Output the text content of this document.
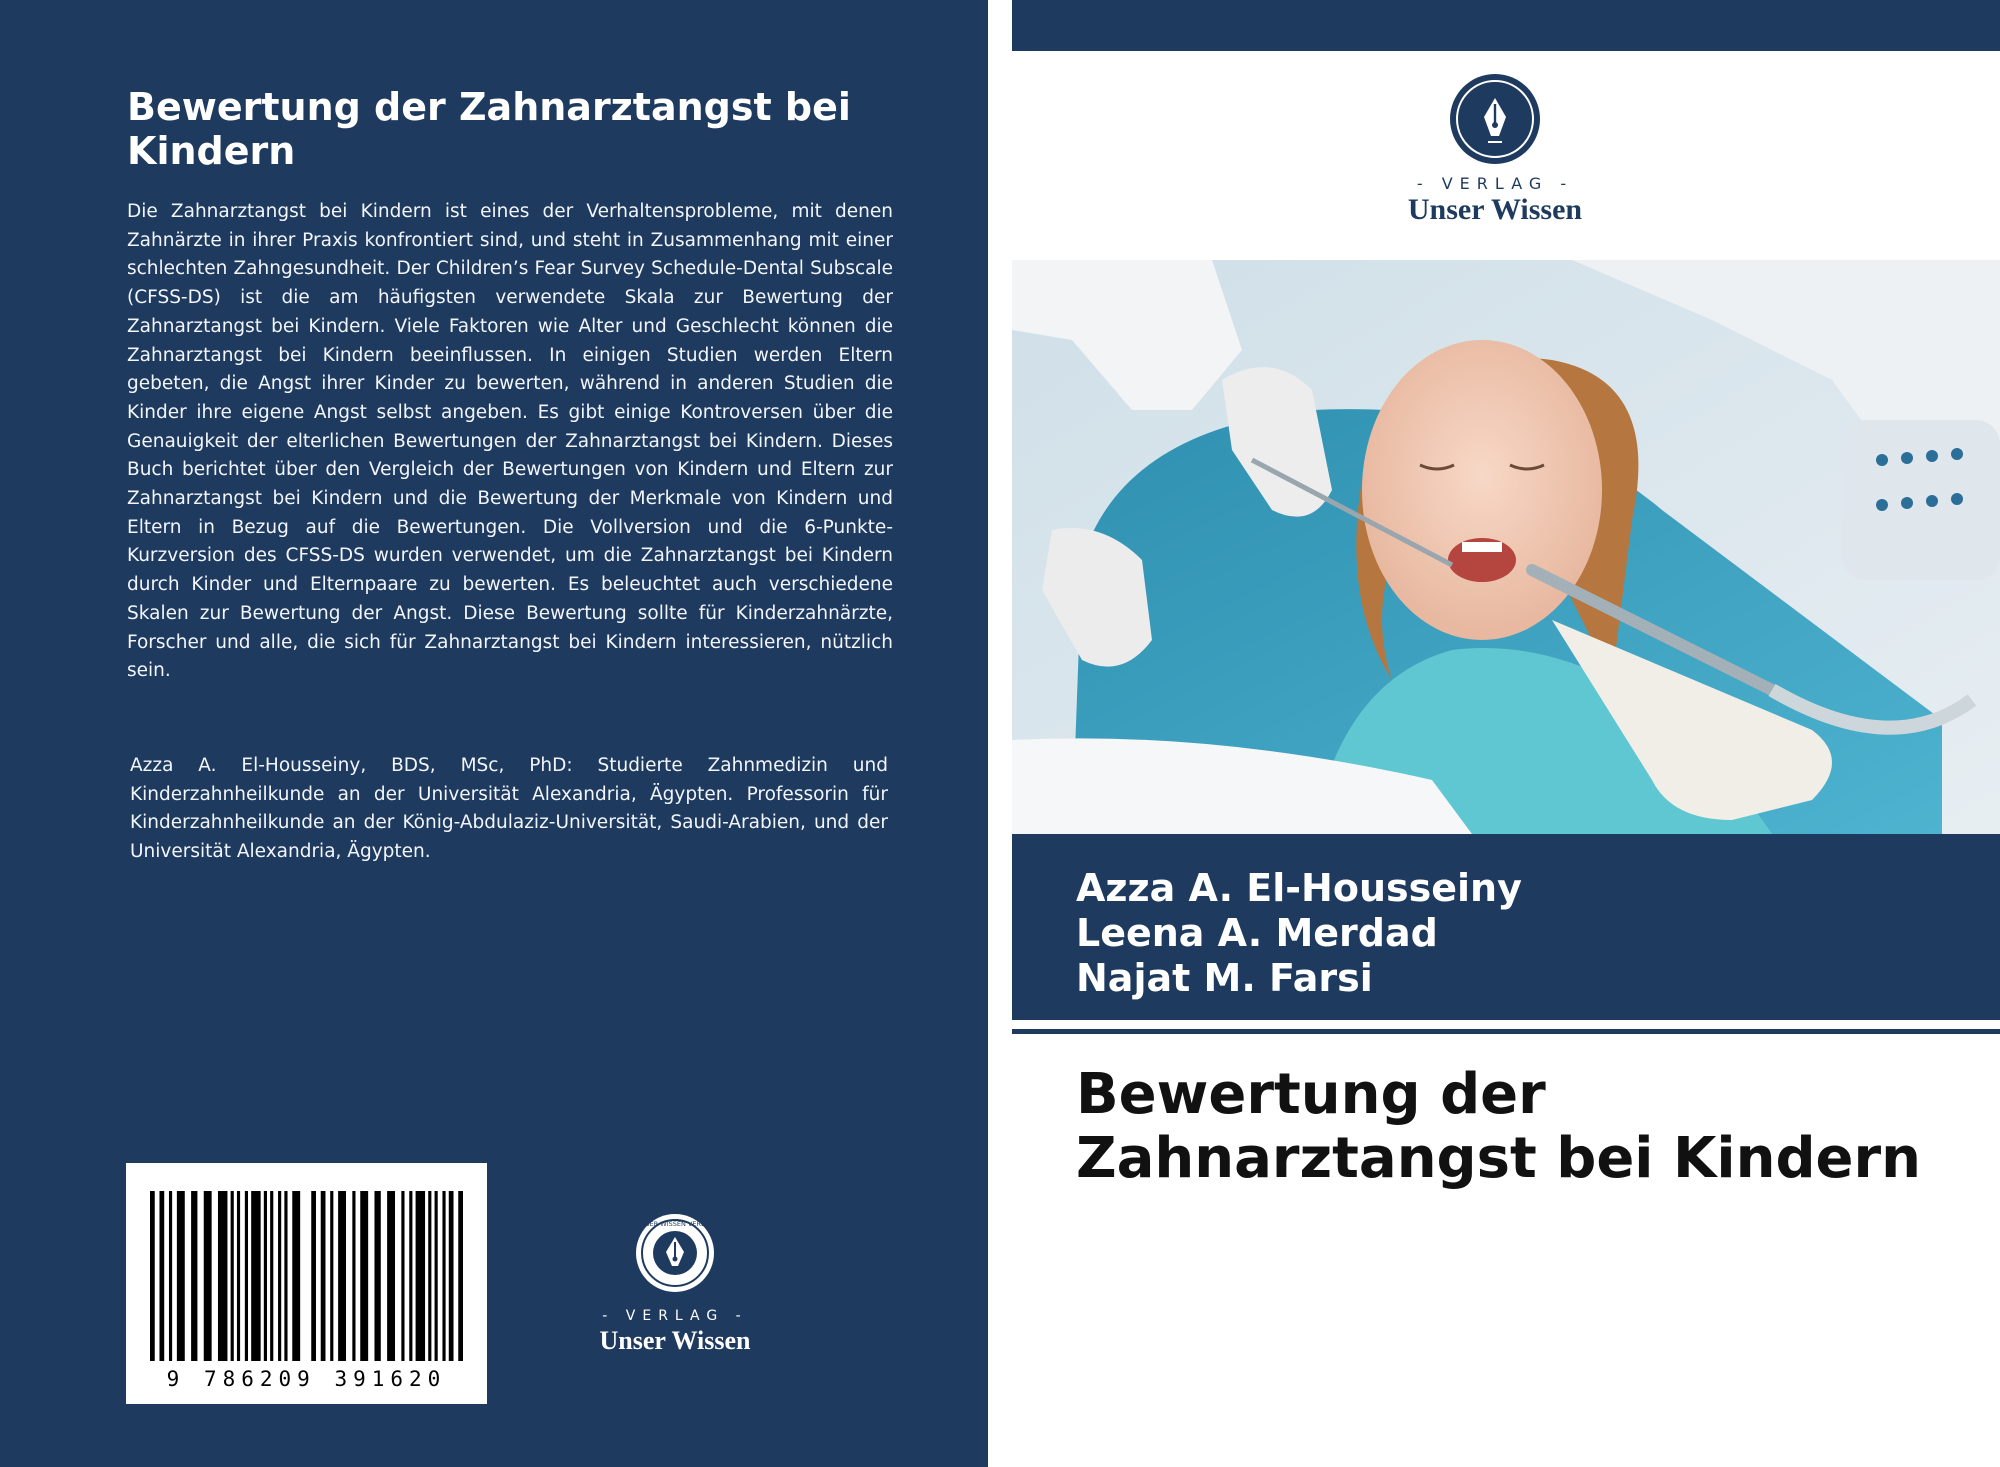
Bewertung der Zahnarztangst bei Kindern

Die Zahnarztangst bei Kindern ist eines der Verhaltensprobleme, mit denen Zahnärzte in ihrer Praxis konfrontiert sind, und steht in Zusammenhang mit einer schlechten Zahngesundheit. Der Children’s Fear Survey Schedule-Dental Subscale (CFSS-DS) ist die am häufigsten verwendete Skala zur Bewertung der Zahnarztangst bei Kindern. Viele Faktoren wie Alter und Geschlecht können die Zahnarztangst bei Kindern beeinflussen. In einigen Studien werden Eltern gebeten, die Angst ihrer Kinder zu bewerten, während in anderen Studien die Kinder ihre eigene Angst selbst angeben. Es gibt einige Kontroversen über die Genauigkeit der elterlichen Bewertungen der Zahnarztangst bei Kindern. Dieses Buch berichtet über den Vergleich der Bewertungen von Kindern und Eltern zur Zahnarztangst bei Kindern und die Bewertung der Merkmale von Kindern und Eltern in Bezug auf die Bewertungen. Die Vollversion und die 6-Punkte-Kurzversion des CFSS-DS wurden verwendet, um die Zahnarztangst bei Kindern durch Kinder und Elternpaare zu bewerten. Es beleuchtet auch verschiedene Skalen zur Bewertung der Angst. Diese Bewertung sollte für Kinderzahnärzte, Forscher und alle, die sich für Zahnarztangst bei Kindern interessieren, nützlich sein.

Azza A. El-Housseiny, BDS, MSc, PhD: Studierte Zahnmedizin und Kinderzahnheilkunde an der Universität Alexandria, Ägypten. Professorin für Kinderzahnheilkunde an der König-Abdulaziz-Universität, Saudi-Arabien, und der Universität Alexandria, Ägypten.

9 786209 391620
UNSER WISSEN VERLAG
- VERLAG -
Unser Wissen
- VERLAG -
Unser Wissen
Azza A. El-Housseiny
Leena A. Merdad
Najat M. Farsi
Bewertung der Zahnarztangst bei Kindern
